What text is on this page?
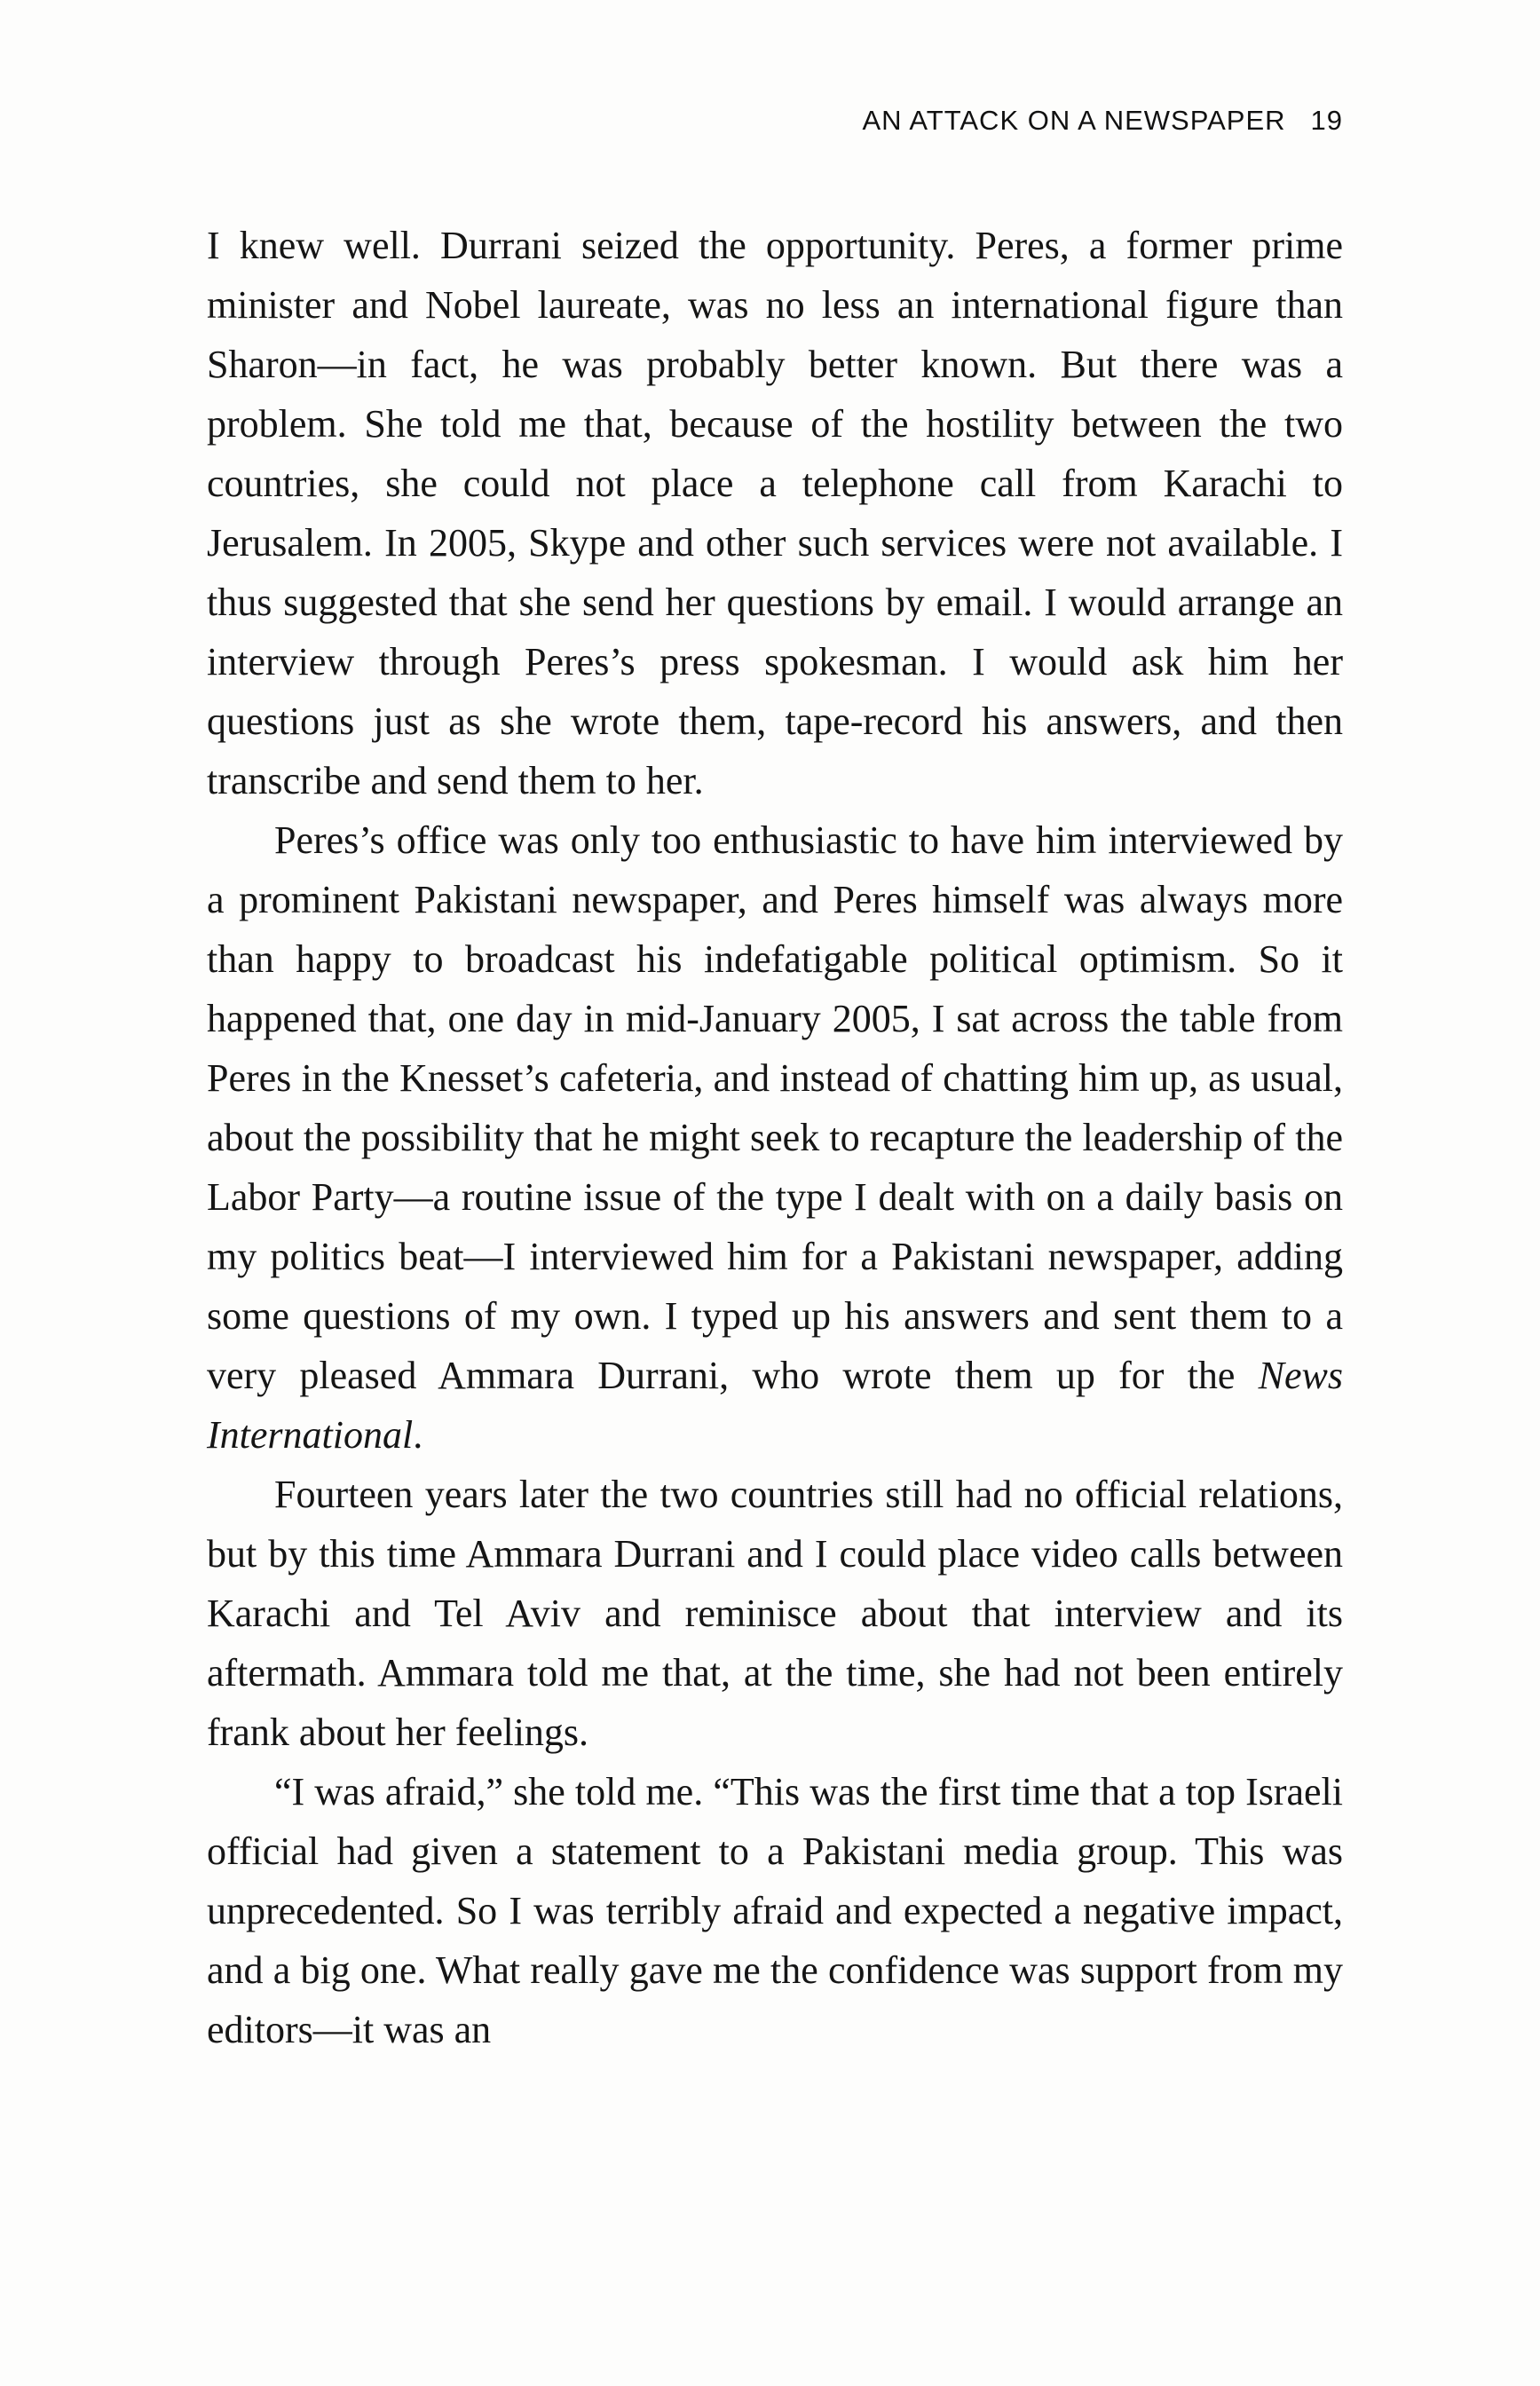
AN ATTACK ON A NEWSPAPER 19

I knew well. Durrani seized the opportunity. Peres, a former prime minister and Nobel laureate, was no less an international figure than Sharon—in fact, he was probably better known. But there was a problem. She told me that, because of the hostility between the two countries, she could not place a telephone call from Karachi to Jerusalem. In 2005, Skype and other such services were not available. I thus suggested that she send her questions by email. I would arrange an interview through Peres’s press spokesman. I would ask him her questions just as she wrote them, tape-record his answers, and then transcribe and send them to her.

Peres’s office was only too enthusiastic to have him interviewed by a prominent Pakistani newspaper, and Peres himself was always more than happy to broadcast his indefatigable political optimism. So it happened that, one day in mid-January 2005, I sat across the table from Peres in the Knesset’s cafeteria, and instead of chatting him up, as usual, about the possibility that he might seek to recapture the leadership of the Labor Party—a routine issue of the type I dealt with on a daily basis on my politics beat—I interviewed him for a Pakistani newspaper, adding some questions of my own. I typed up his answers and sent them to a very pleased Ammara Durrani, who wrote them up for the News International.

Fourteen years later the two countries still had no official relations, but by this time Ammara Durrani and I could place video calls between Karachi and Tel Aviv and reminisce about that interview and its aftermath. Ammara told me that, at the time, she had not been entirely frank about her feelings.

“I was afraid,” she told me. “This was the first time that a top Israeli official had given a statement to a Pakistani media group. This was unprecedented. So I was terribly afraid and expected a negative impact, and a big one. What really gave me the confidence was support from my editors—it was an
